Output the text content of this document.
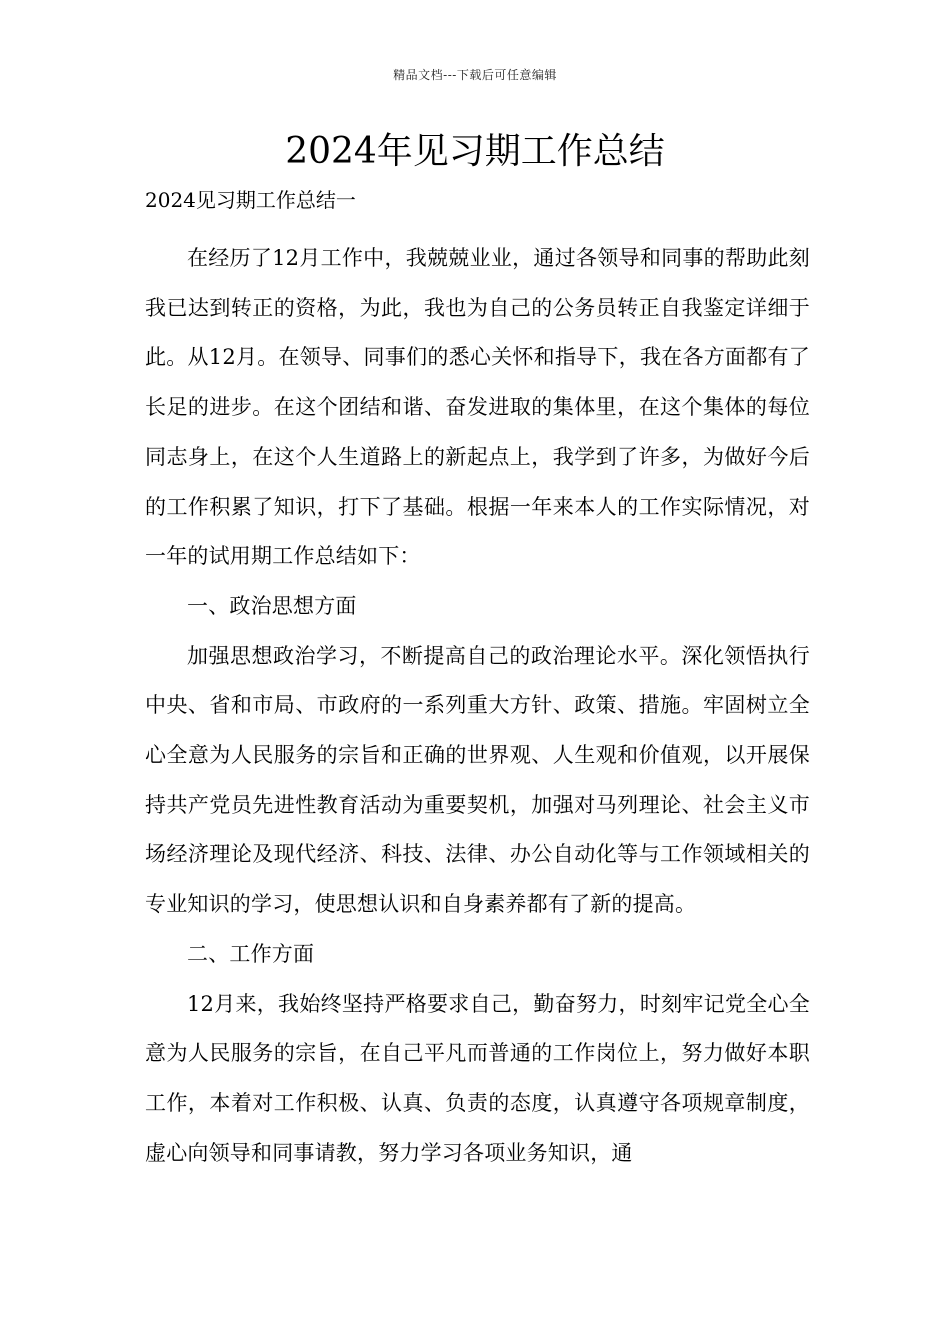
精品文档---下载后可任意编辑
2024年见习期工作总结

2024见习期工作总结一

在经历了12月工作中，我兢兢业业，通过各领导和同事的帮助此刻我已达到转正的资格，为此，我也为自己的公务员转正自我鉴定详细于此。从12月。在领导、同事们的悉心关怀和指导下，我在各方面都有了长足的进步。在这个团结和谐、奋发进取的集体里，在这个集体的每位同志身上，在这个人生道路上的新起点上，我学到了许多，为做好今后的工作积累了知识，打下了基础。根据一年来本人的工作实际情况，对一年的试用期工作总结如下：

一、政治思想方面

加强思想政治学习，不断提高自己的政治理论水平。深化领悟执行中央、省和市局、市政府的一系列重大方针、政策、措施。牢固树立全心全意为人民服务的宗旨和正确的世界观、人生观和价值观，以开展保持共产党员先进性教育活动为重要契机，加强对马列理论、社会主义市场经济理论及现代经济、科技、法律、办公自动化等与工作领域相关的专业知识的学习，使思想认识和自身素养都有了新的提高。

二、工作方面

12月来，我始终坚持严格要求自己，勤奋努力，时刻牢记党全心全意为人民服务的宗旨，在自己平凡而普通的工作岗位上，努力做好本职工作，本着对工作积极、认真、负责的态度，认真遵守各项规章制度，虚心向领导和同事请教，努力学习各项业务知识，通
